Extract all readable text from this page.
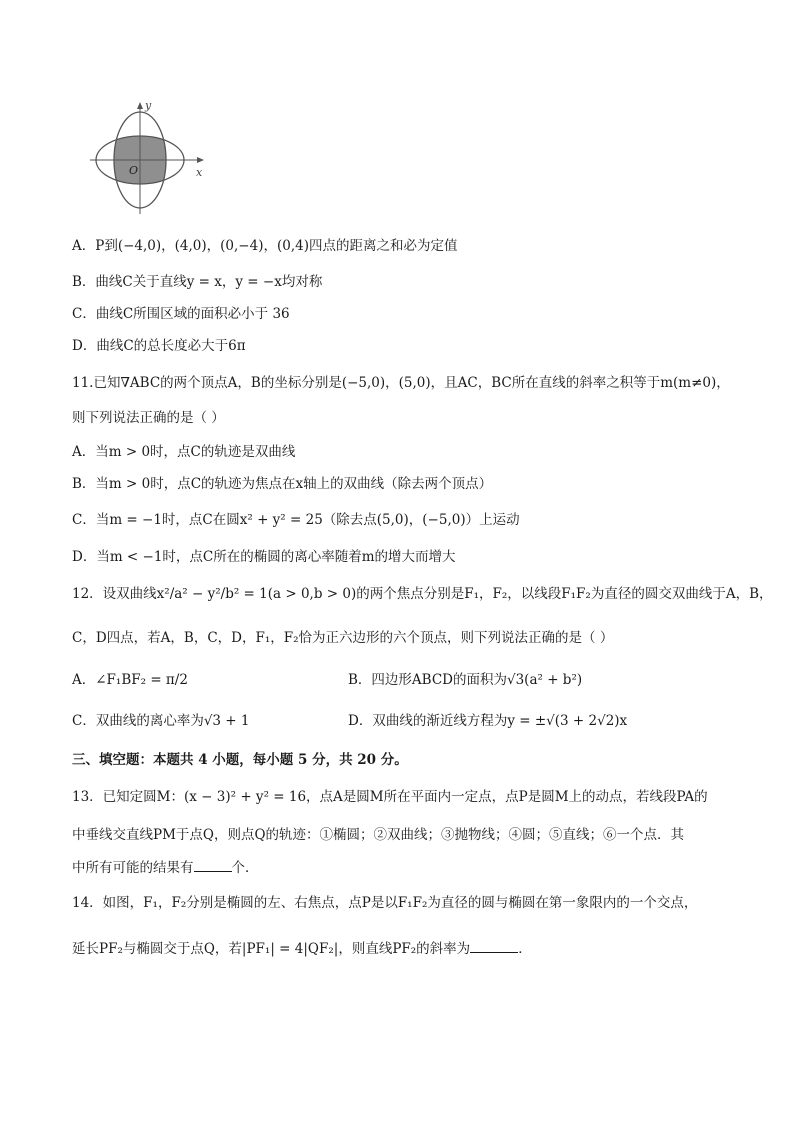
x
y
O
A．P到(−4,0)，(4,0)，(0,−4)，(0,4)四点的距离之和必为定值
B．曲线C关于直线y = x，y = −x均对称
C．曲线C所围区域的面积必小于 36
D．曲线C的总长度必大于6π
11.已知∇ABC的两个顶点A，B的坐标分别是(−5,0)，(5,0)，且AC，BC所在直线的斜率之积等于m(m≠0)，
则下列说法正确的是（ ）
A．当m > 0时，点C的轨迹是双曲线
B．当m > 0时，点C的轨迹为焦点在x轴上的双曲线（除去两个顶点）
C．当m = −1时，点C在圆x² + y² = 25（除去点(5,0)，(−5,0)）上运动
D．当m < −1时，点C所在的椭圆的离心率随着m的增大而增大
12．设双曲线x²/a² − y²/b² = 1(a > 0,b > 0)的两个焦点分别是F₁，F₂，以线段F₁F₂为直径的圆交双曲线于A，B，
C，D四点，若A，B，C，D，F₁，F₂恰为正六边形的六个顶点，则下列说法正确的是（ ）
A．∠F₁BF₂ = π/2	B．四边形ABCD的面积为√3(a² + b²)
C．双曲线的离心率为√3 + 1	D．双曲线的渐近线方程为y = ±√(3 + 2√2)x
三、填空题：本题共 4 小题，每小题 5 分，共 20 分。
13．已知定圆M：(x − 3)² + y² = 16，点A是圆M所在平面内一定点，点P是圆M上的动点，若线段PA的
中垂线交直线PM于点Q，则点Q的轨迹：①椭圆；②双曲线；③抛物线；④圆；⑤直线；⑥一个点．其
中所有可能的结果有	个．
14．如图，F₁，F₂分别是椭圆的左、右焦点，点P是以F₁F₂为直径的圆与椭圆在第一象限内的一个交点，
延长PF₂与椭圆交于点Q，若|PF₁| = 4|QF₂|，则直线PF₂的斜率为	．
